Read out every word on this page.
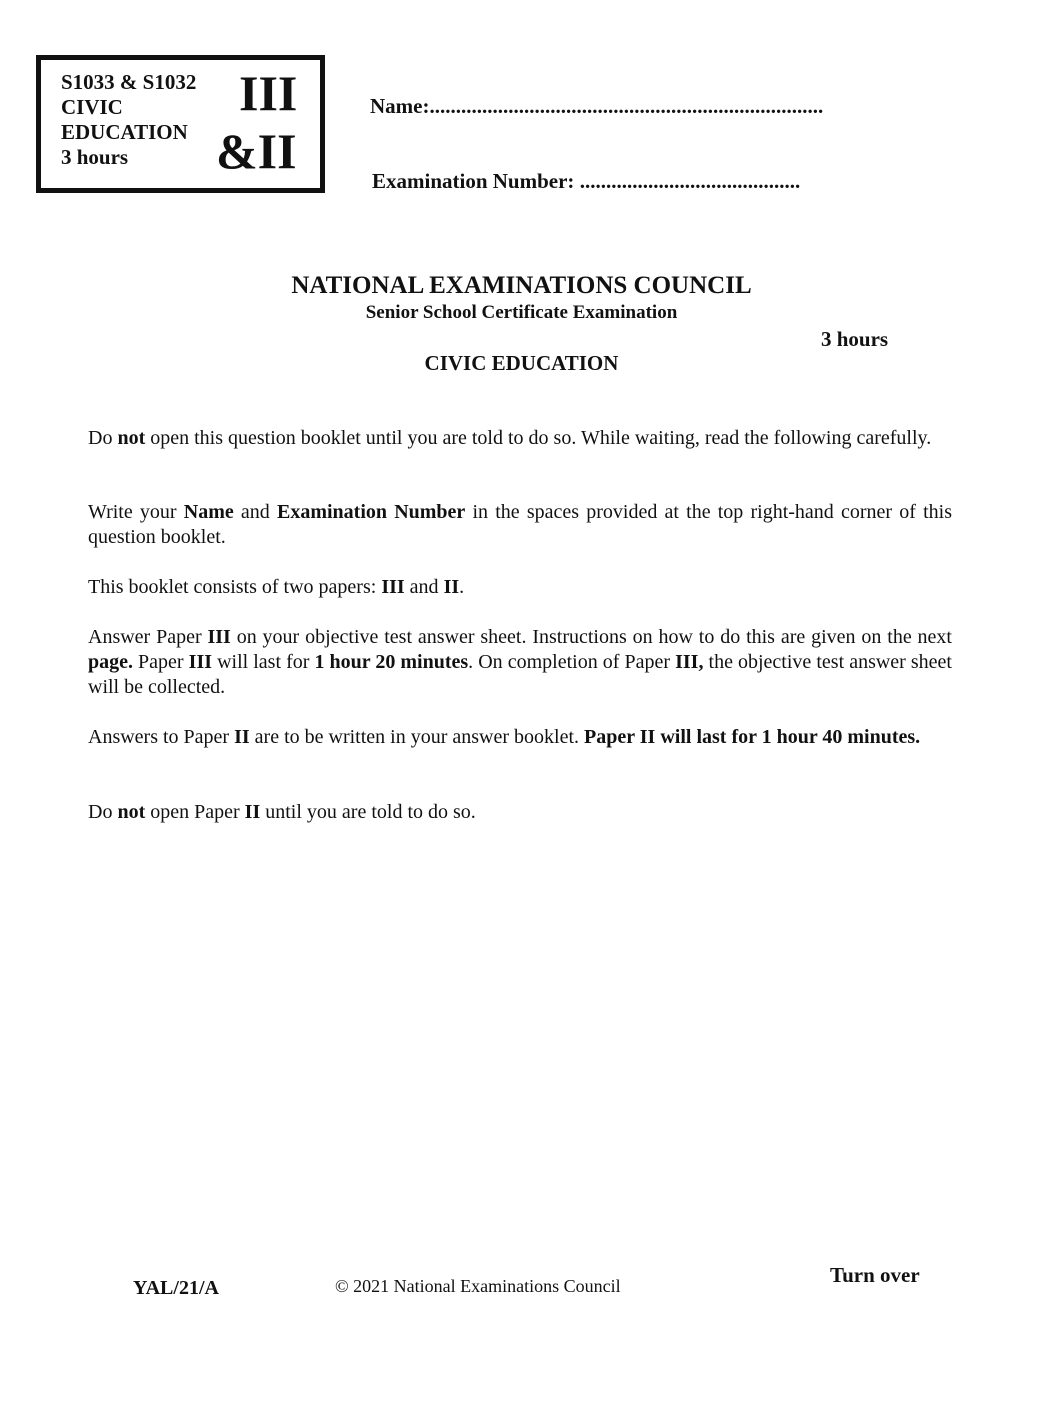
S1033 & S1032
CIVIC
EDUCATION
3 hours
III
&II
Name:...........................................................................
Examination Number: ..........................................
NATIONAL EXAMINATIONS COUNCIL
Senior School Certificate Examination
3 hours
CIVIC EDUCATION
Do not open this question booklet until you are told to do so. While waiting, read the following carefully.
Write your Name and Examination Number in the spaces provided at the top right-hand corner of this question booklet.
This booklet consists of two papers: III and II.
Answer Paper III on your objective test answer sheet. Instructions on how to do this are given on the next page. Paper III will last for 1 hour 20 minutes. On completion of Paper III, the objective test answer sheet will be collected.
Answers to Paper II are to be written in your answer booklet. Paper II will last for 1 hour 40 minutes.
Do not open Paper II until you are told to do so.
YAL/21/A	© 2021 National Examinations Council	Turn over
